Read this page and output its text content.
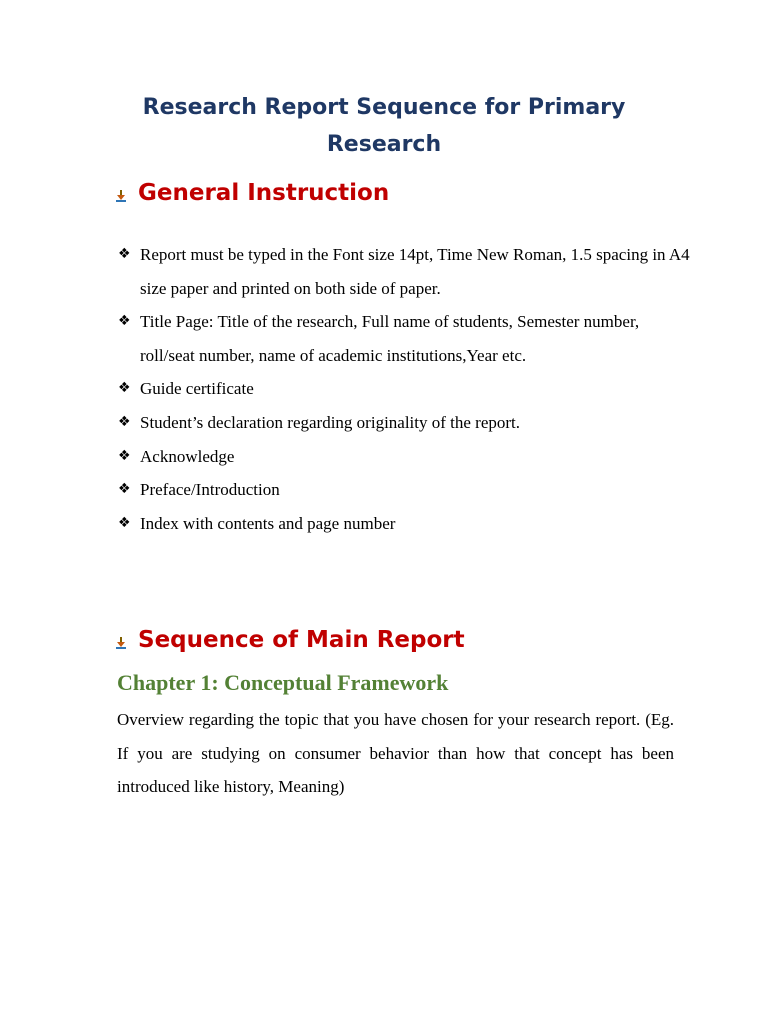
Research Report Sequence for Primary
Research
General Instruction
❖ Report must be typed in the Font size 14pt, Time New Roman, 1.5 spacing in A4 size paper and printed on both side of paper.
❖ Title Page: Title of the research, Full name of students, Semester number, roll/seat number, name of academic institutions,Year etc.
❖ Guide certificate
❖ Student’s declaration regarding originality of the report.
❖ Acknowledge
❖ Preface/Introduction
❖ Index with contents and page number
Sequence of Main Report
Chapter 1: Conceptual Framework

Overview regarding the topic that you have chosen for your research report. (Eg. If you are studying on consumer behavior than how that concept has been introduced like history, Meaning)
